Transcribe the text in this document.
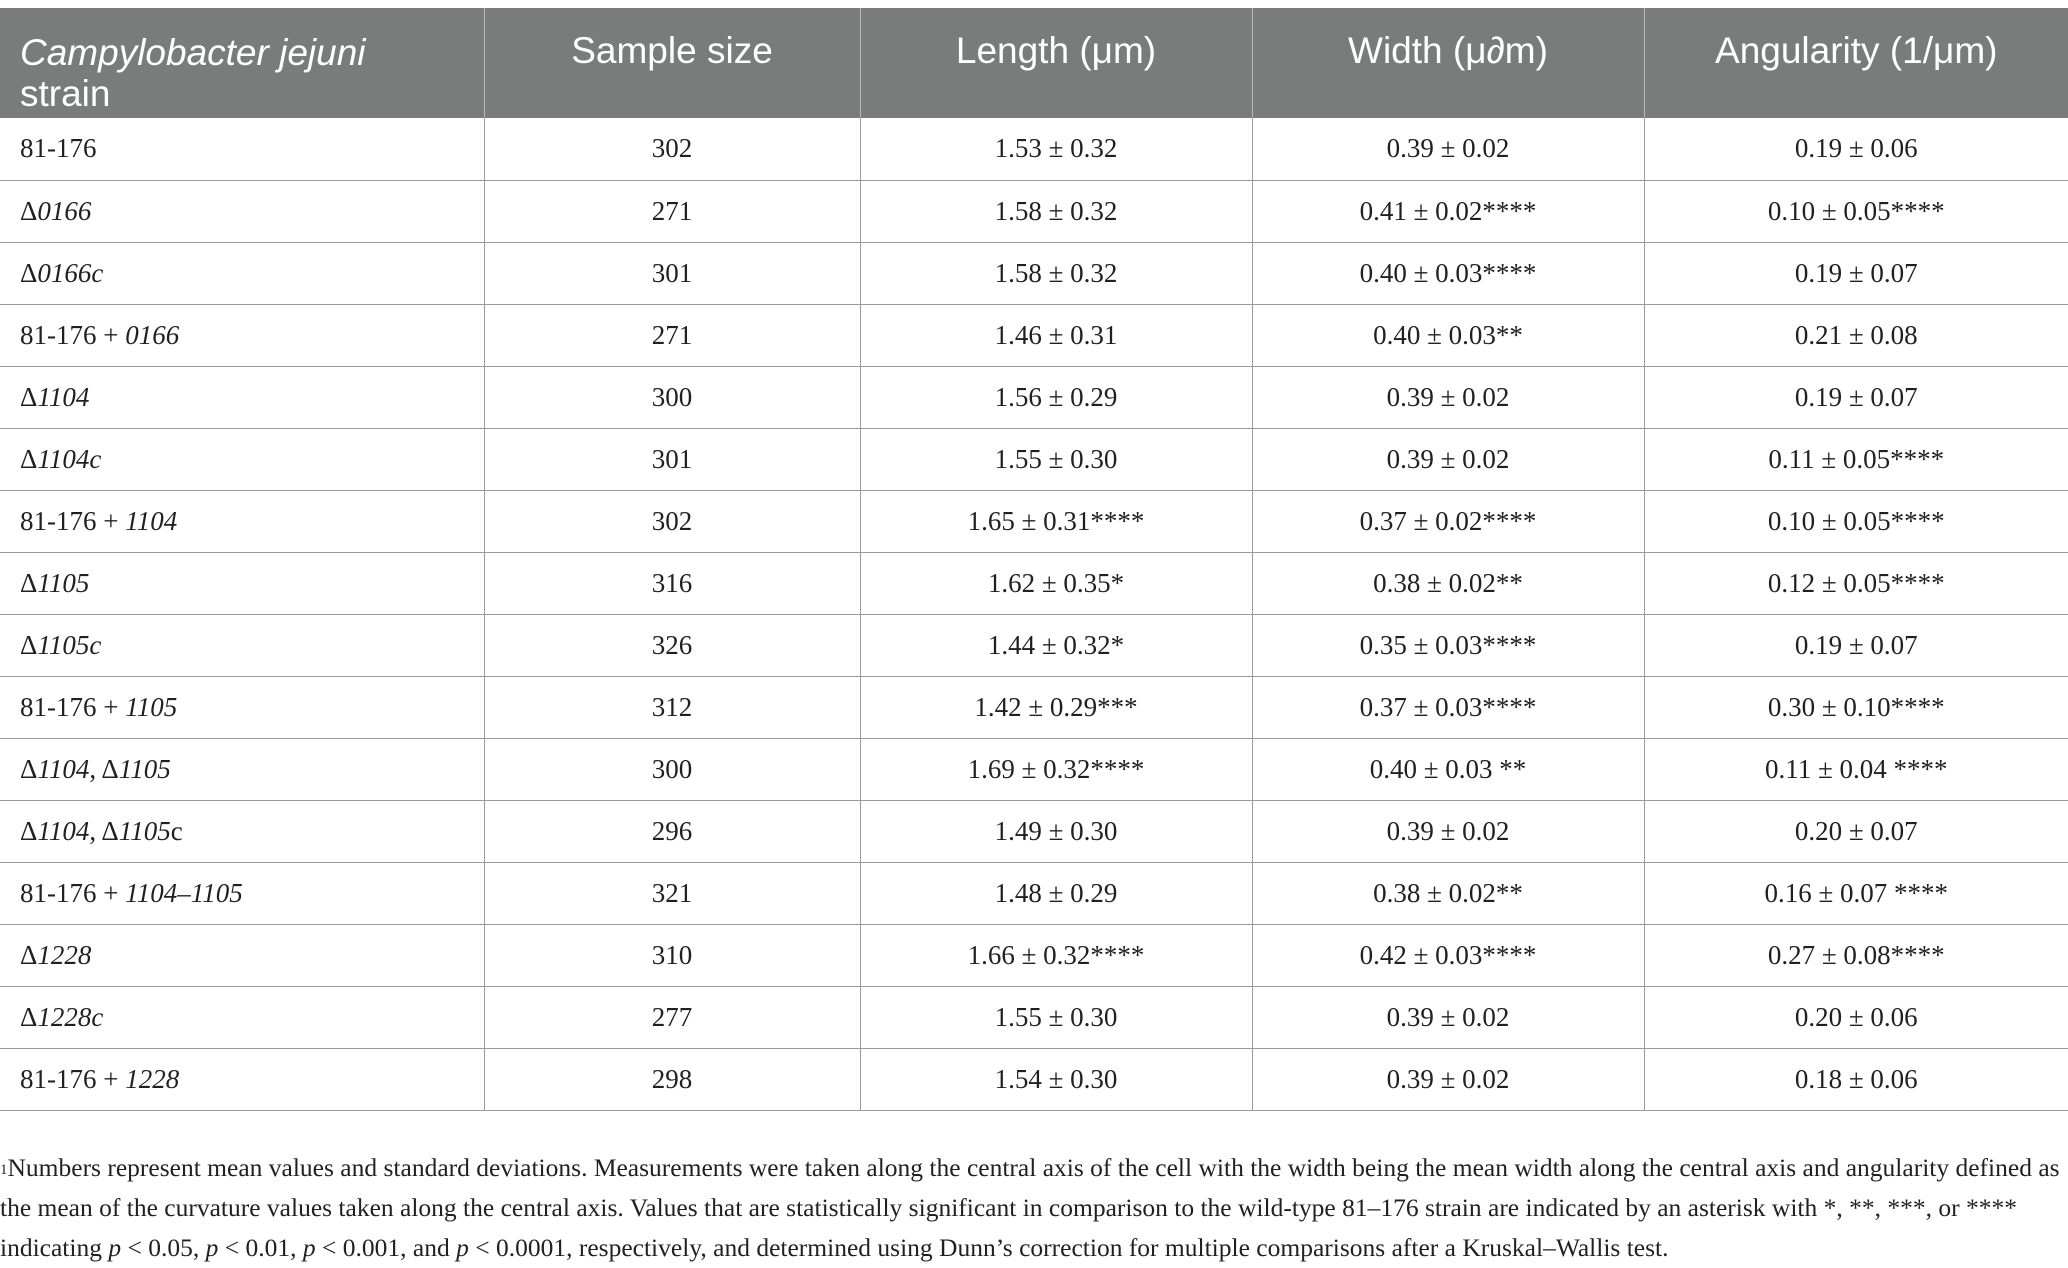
Campylobacter jejuni
strain	Sample size	Length (μm)	Width (μ∂m)	Angularity (1/μm)
81-176	302	1.53 ± 0.32	0.39 ± 0.02	0.19 ± 0.06
Δ0166	271	1.58 ± 0.32	0.41 ± 0.02****	0.10 ± 0.05****
Δ0166c	301	1.58 ± 0.32	0.40 ± 0.03****	0.19 ± 0.07
81-176 + 0166	271	1.46 ± 0.31	0.40 ± 0.03**	0.21 ± 0.08
Δ1104	300	1.56 ± 0.29	0.39 ± 0.02	0.19 ± 0.07
Δ1104c	301	1.55 ± 0.30	0.39 ± 0.02	0.11 ± 0.05****
81-176 + 1104	302	1.65 ± 0.31****	0.37 ± 0.02****	0.10 ± 0.05****
Δ1105	316	1.62 ± 0.35*	0.38 ± 0.02**	0.12 ± 0.05****
Δ1105c	326	1.44 ± 0.32*	0.35 ± 0.03****	0.19 ± 0.07
81-176 + 1105	312	1.42 ± 0.29***	0.37 ± 0.03****	0.30 ± 0.10****
Δ1104, Δ1105	300	1.69 ± 0.32****	0.40 ± 0.03 **	0.11 ± 0.04 ****
Δ1104, Δ1105c	296	1.49 ± 0.30	0.39 ± 0.02	0.20 ± 0.07
81-176 + 1104–1105	321	1.48 ± 0.29	0.38 ± 0.02**	0.16 ± 0.07 ****
Δ1228	310	1.66 ± 0.32****	0.42 ± 0.03****	0.27 ± 0.08****
Δ1228c	277	1.55 ± 0.30	0.39 ± 0.02	0.20 ± 0.06
81-176 + 1228	298	1.54 ± 0.30	0.39 ± 0.02	0.18 ± 0.06

$^1$Numbers represent mean values and standard deviations. Measurements were taken along the central axis of the cell with the width being the mean width along the central axis and angularity defined as the mean of the curvature values taken along the central axis. Values that are statistically significant in comparison to the wild-type 81–176 strain are indicated by an asterisk with *, **, ***, or **** indicating p < 0.05, p < 0.01, p < 0.001, and p < 0.0001, respectively, and determined using Dunn’s correction for multiple comparisons after a Kruskal–Wallis test.
